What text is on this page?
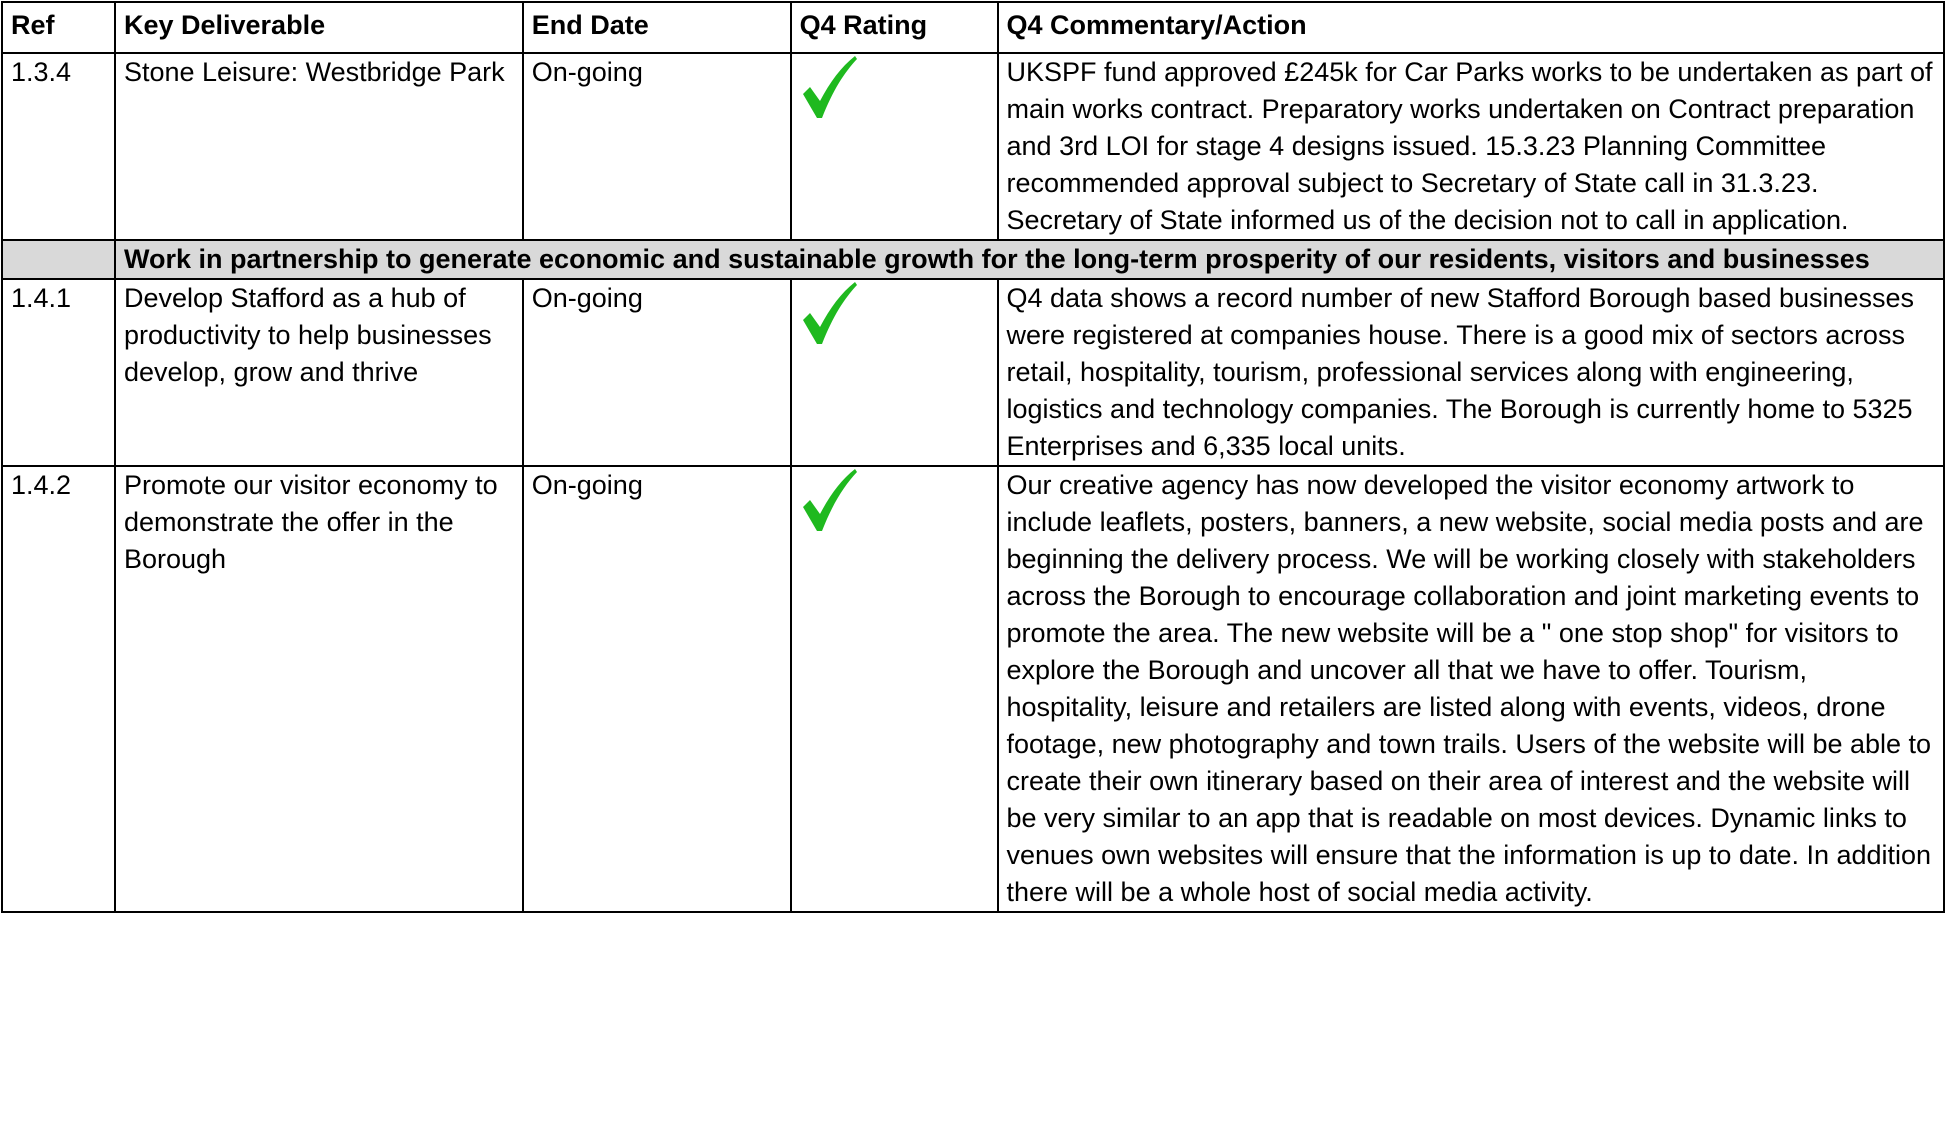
Ref	Key Deliverable	End Date	Q4 Rating	Q4 Commentary/Action
1.3.4	Stone Leisure: Westbridge Park	On-going		UKSPF fund approved £245k for Car Parks works to be undertaken as part of main works contract. Preparatory works undertaken on Contract preparation and 3rd LOI for stage 4 designs issued. 15.3.23 Planning Committee recommended approval subject to Secretary of State call in 31.3.23. Secretary of State informed us of the decision not to call in application.
	Work in partnership to generate economic and sustainable growth for the long-term prosperity of our residents, visitors and businesses			
1.4.1	Develop Stafford as a hub of productivity to help businesses develop, grow and thrive	On-going		Q4 data shows a record number of new Stafford Borough based businesses were registered at companies house. There is a good mix of sectors across retail, hospitality, tourism, professional services along with engineering, logistics and technology companies. The Borough is currently home to 5325 Enterprises and 6,335 local units.
1.4.2	Promote our visitor economy to demonstrate the offer in the Borough	On-going		Our creative agency has now developed the visitor economy artwork to include leaflets, posters, banners, a new website, social media posts and are beginning the delivery process. We will be working closely with stakeholders across the Borough to encourage collaboration and joint marketing events to promote the area. The new website will be a " one stop shop" for visitors to explore the Borough and uncover all that we have to offer. Tourism, hospitality, leisure and retailers are listed along with events, videos, drone footage, new photography and town trails. Users of the website will be able to create their own itinerary based on their area of interest and the website will be very similar to an app that is readable on most devices. Dynamic links to venues own websites will ensure that the information is up to date. In addition there will be a whole host of social media activity.
